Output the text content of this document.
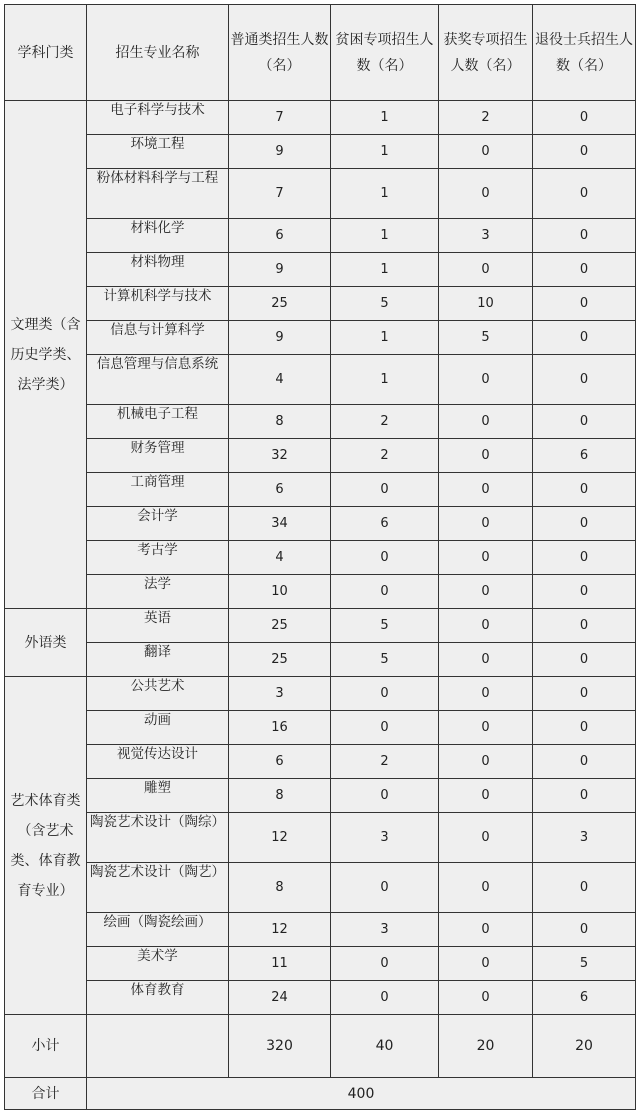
学科门类	招生专业名称	普通类招生人数（名）	贫困专项招生人数（名）	获奖专项招生人数（名）	退役士兵招生人数（名）
文理类（含历史学类、法学类）	电子科学与技术	7	1	2	0
	环境工程	9	1	0	0
	粉体材料科学与工程	7	1	0	0
	材料化学	6	1	3	0
	材料物理	9	1	0	0
	计算机科学与技术	25	5	10	0
	信息与计算科学	9	1	5	0
	信息管理与信息系统	4	1	0	0
	机械电子工程	8	2	0	0
	财务管理	32	2	0	6
	工商管理	6	0	0	0
	会计学	34	6	0	0
	考古学	4	0	0	0
	法学	10	0	0	0
外语类	英语	25	5	0	0
	翻译	25	5	0	0
艺术体育类（含艺术类、体育教育专业）	公共艺术	3	0	0	0
	动画	16	0	0	0
	视觉传达设计	6	2	0	0
	雕塑	8	0	0	0
	陶瓷艺术设计（陶综）	12	3	0	3
	陶瓷艺术设计（陶艺）	8	0	0	0
	绘画（陶瓷绘画）	12	3	0	0
	美术学	11	0	0	5
	体育教育	24	0	0	6
小计		320	40	20	20
合计	400				
